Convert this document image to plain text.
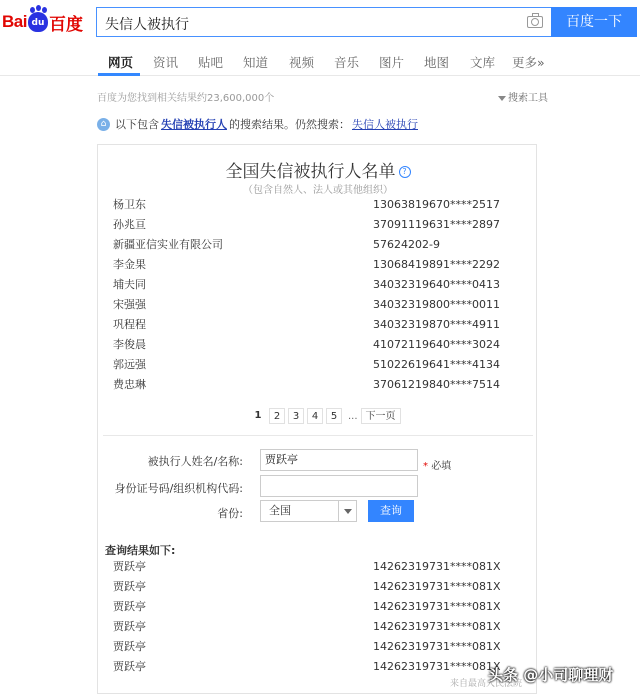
Bai du 百度 失信人被执行	百度一下
网页 资讯 贴吧 知道 视频 音乐 图片 地图 文库 更多»
百度为您找到相关结果约23,600,000个	搜索工具
⌂ 以下包含 失信被执行人 的搜索结果。仍然搜索： 失信人被执行
全国失信被执行人名单 ?
（包含自然人、法人或其他组织）
杨卫东	13063819670****2517
孙兆亘	37091119631****2897
新疆亚信实业有限公司	57624202-9
李金果	13068419891****2292
埔夫同	34032319640****0413
宋强强	34032319800****0011
巩程程	34032319870****4911
李俊晨	41072119640****3024
郭远强	51022619641****4134
费忠琳	37061219840****7514
1	2	3	4	5	... 下一页
被执行人姓名/名称:	贾跃亭
* 必填
身份证号码/组织机构代码:
省份:	全国	查询
查询结果如下:
贾跃亭	14262319731****081X
贾跃亭	14262319731****081X
贾跃亭	14262319731****081X
贾跃亭	14262319731****081X
贾跃亭	14262319731****081X
贾跃亭	14262319731****081X
来自最高人民法院
头条 @小司聊理财
